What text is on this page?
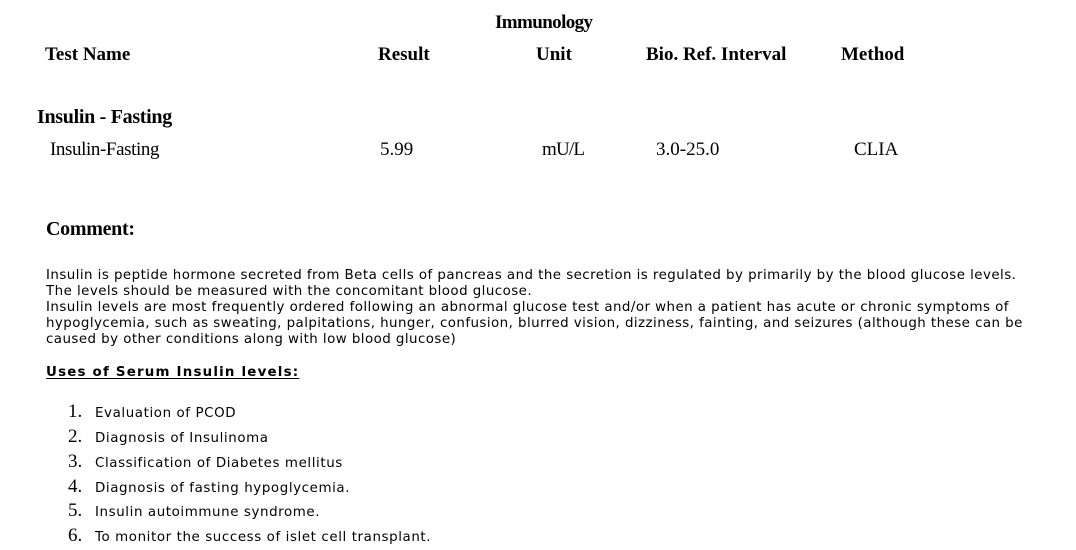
Immunology
Test Name	Result	Unit	Bio. Ref. Interval	Method
Insulin - Fasting
Insulin-Fasting	5.99	mU/L	3.0-25.0	CLIA
Comment:
Insulin is peptide hormone secreted from Beta cells of pancreas and the secretion is regulated by primarily by the blood glucose levels.
The levels should be measured with the concomitant blood glucose.
Insulin levels are most frequently ordered following an abnormal glucose test and/or when a patient has acute or chronic symptoms of
hypoglycemia, such as sweating, palpitations, hunger, confusion, blurred vision, dizziness, fainting, and seizures (although these can be
caused by other conditions along with low blood glucose)
Uses of Serum Insulin levels:
1. Evaluation of PCOD
2. Diagnosis of Insulinoma
3. Classification of Diabetes mellitus
4. Diagnosis of fasting hypoglycemia.
5. Insulin autoimmune syndrome.
6. To monitor the success of islet cell transplant.
